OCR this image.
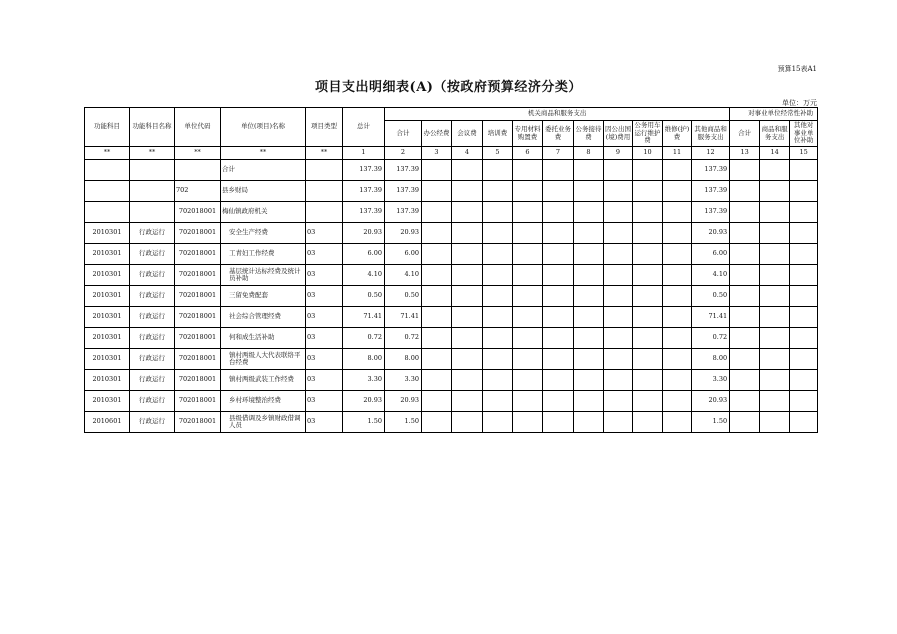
预算15表A1
项目支出明细表(A)（按政府预算经济分类）
单位：万元
功能科目	功能科目名称	单位代码	单位(项目)名称	项目类型	总计	机关商品和服务支出											对事业单位经常性补助		
						合计	办公经费	会议费	培训费	专用材料购置费	委托业务费	公务接待费	因公出国(境)费用	公务用车运行维护费	维修(护)费	其他商品和服务支出	合计	商品和服务支出	其他对事业单位补助
**	**	**	**	**	1	2	3	4	5	6	7	8	9	10	11	12	13	14	15
			合计		137.39	137.39										137.39			
		702	县乡财局		137.39	137.39										137.39			
		702018001	梅仙镇政府机关		137.39	137.39										137.39			
2010301	行政运行	702018001	安全生产经费	03	20.93	20.93										20.93			
2010301	行政运行	702018001	工青妇工作经费	03	6.00	6.00										6.00			
2010301	行政运行	702018001	基层统计达标经费及统计员补助	03	4.10	4.10										4.10			
2010301	行政运行	702018001	三留免费配套	03	0.50	0.50										0.50			
2010301	行政运行	702018001	社会综合管理经费	03	71.41	71.41										71.41			
2010301	行政运行	702018001	何和成生活补助	03	0.72	0.72										0.72			
2010301	行政运行	702018001	镇村两级人大代表联络平台经费	03	8.00	8.00										8.00			
2010301	行政运行	702018001	镇村两级武装工作经费	03	3.30	3.30										3.30			
2010301	行政运行	702018001	乡村环境整治经费	03	20.93	20.93										20.93			
2010601	行政运行	702018001	县级借调及乡镇财政借调人员	03	1.50	1.50										1.50			
